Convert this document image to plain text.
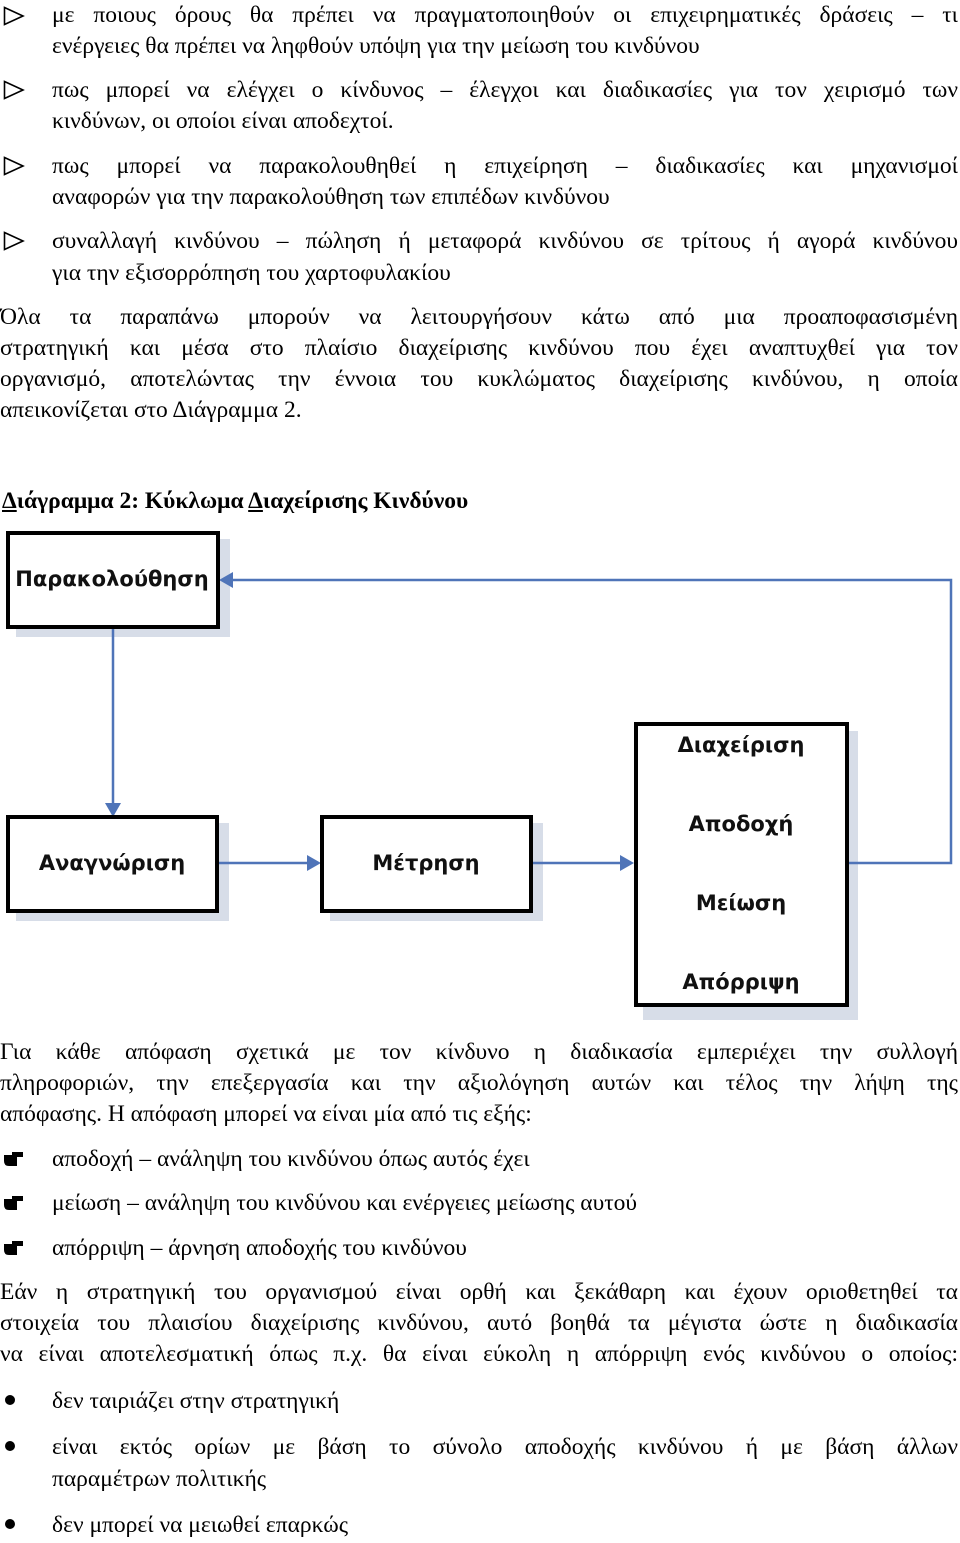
με ποιους όρους θα πρέπει να πραγματοποιηθούν οι επιχειρηματικές δράσεις – τι
ενέργειες θα πρέπει να ληφθούν υπόψη για την μείωση του κινδύνου
πως μπορεί να ελέγχει ο κίνδυνος – έλεγχοι και διαδικασίες για τον χειρισμό των
κινδύνων, οι οποίοι είναι αποδεχτοί.
πως μπορεί να παρακολουθηθεί η επιχείρηση – διαδικασίες και μηχανισμοί
αναφορών για την παρακολούθηση των επιπέδων κινδύνου
συναλλαγή κινδύνου – πώληση ή μεταφορά κινδύνου σε τρίτους ή αγορά κινδύνου
για την εξισορρόπηση του χαρτοφυλακίου
Όλα τα παραπάνω μπορούν να λειτουργήσουν κάτω από μια προαποφασισμένη
στρατηγική και μέσα στο πλαίσιο διαχείρισης κινδύνου που έχει αναπτυχθεί για τον
οργανισμό, αποτελώντας την έννοια του κυκλώματος διαχείρισης κινδύνου, η οποία
απεικονίζεται στο Διάγραμμα 2.
Διάγραμμα 2: Κύκλωμα Διαχείρισης Κινδύνου
Παρακολούθηση
Αναγνώριση	Μέτρηση
Διαχείριση
Αποδοχή
Μείωση
Απόρριψη
Για κάθε απόφαση σχετικά με τον κίνδυνο η διαδικασία εμπεριέχει την συλλογή
πληροφοριών, την επεξεργασία και την αξιολόγηση αυτών και τέλος την λήψη της
απόφασης. Η απόφαση μπορεί να είναι μία από τις εξής:
αποδοχή – ανάληψη του κινδύνου όπως αυτός έχει
μείωση – ανάληψη του κινδύνου και ενέργειες μείωσης αυτού
απόρριψη – άρνηση αποδοχής του κινδύνου
Εάν η στρατηγική του οργανισμού είναι ορθή και ξεκάθαρη και έχουν οριοθετηθεί τα
στοιχεία του πλαισίου διαχείρισης κινδύνου, αυτό βοηθά τα μέγιστα ώστε η διαδικασία
να είναι αποτελεσματική όπως π.χ. θα είναι εύκολη η απόρριψη ενός κινδύνου ο οποίος:
δεν ταιριάζει στην στρατηγική
είναι εκτός ορίων με βάση το σύνολο αποδοχής κινδύνου ή με βάση άλλων
παραμέτρων πολιτικής
δεν μπορεί να μειωθεί επαρκώς
